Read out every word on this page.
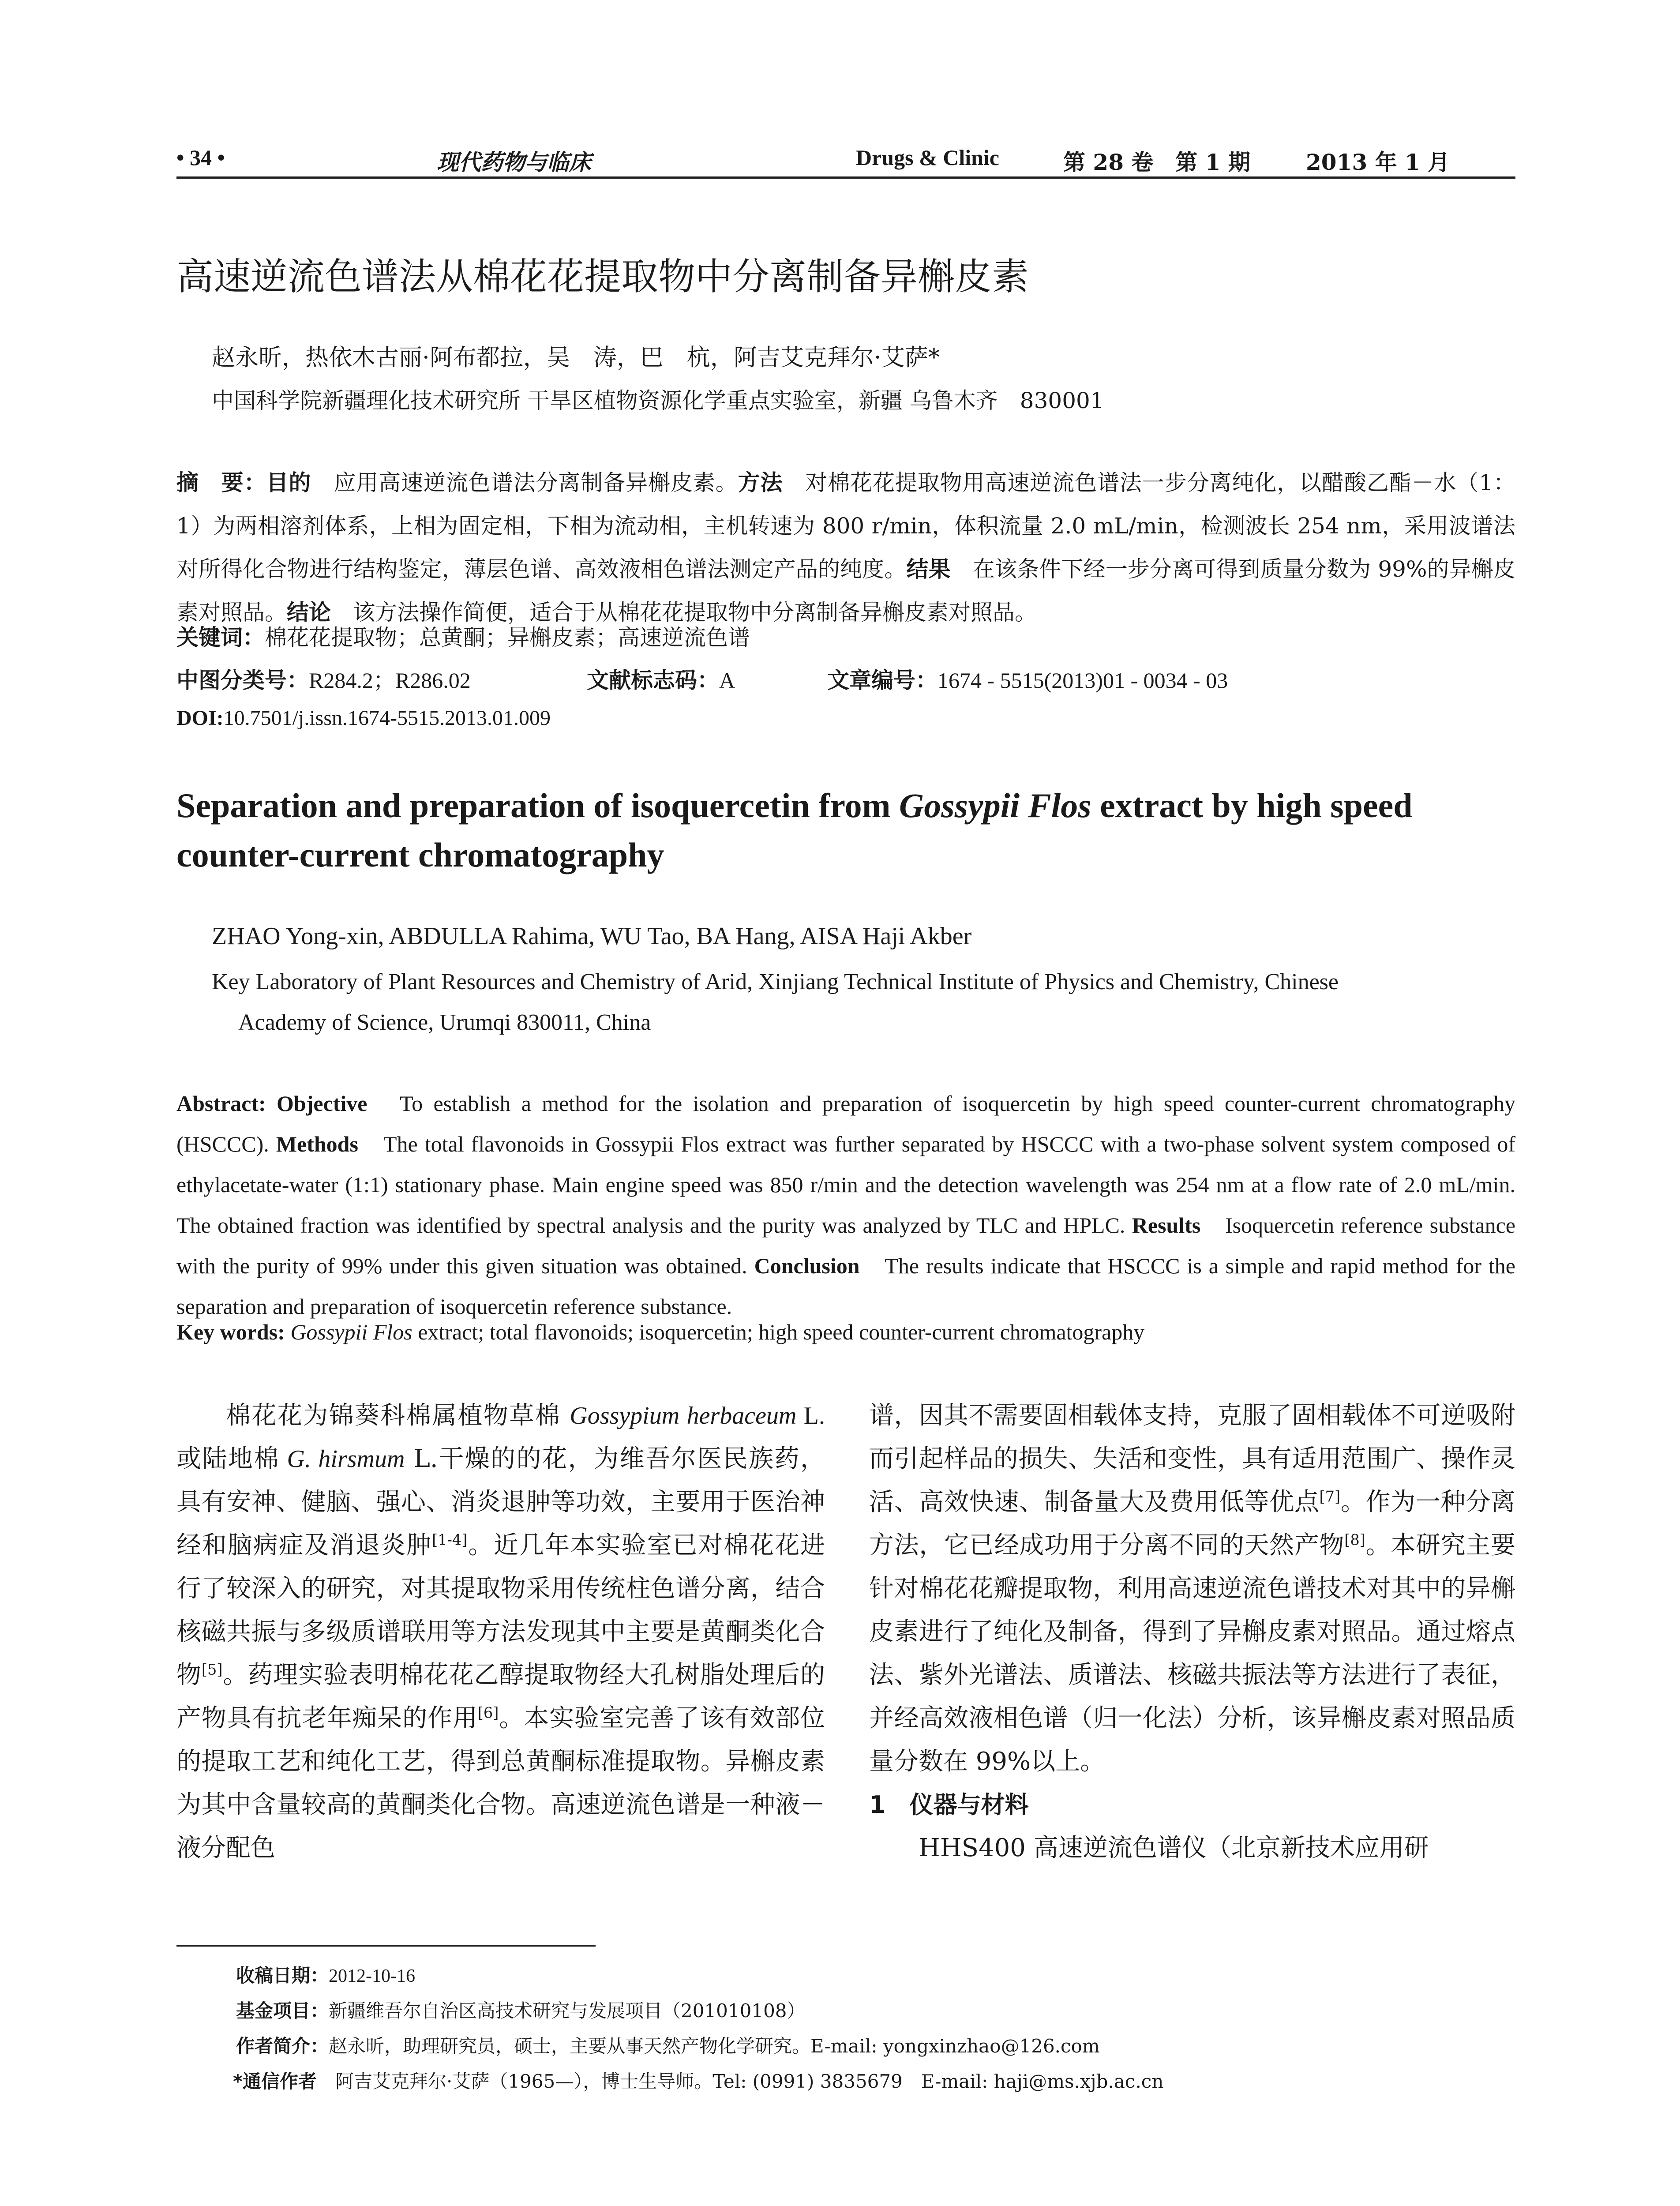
• 34 •	现代药物与临床	Drugs & Clinic	第 28 卷　第 1 期	2013 年 1 月
高速逆流色谱法从棉花花提取物中分离制备异槲皮素
赵永昕，热依木古丽·阿布都拉，吴　涛，巴　杭，阿吉艾克拜尔·艾萨*
中国科学院新疆理化技术研究所 干旱区植物资源化学重点实验室，新疆 乌鲁木齐　830001
摘　要：目的　应用高速逆流色谱法分离制备异槲皮素。方法　对棉花花提取物用高速逆流色谱法一步分离纯化，以醋酸乙酯－水（1：1）为两相溶剂体系，上相为固定相，下相为流动相，主机转速为 800 r/min，体积流量 2.0 mL/min，检测波长 254 nm，采用波谱法对所得化合物进行结构鉴定，薄层色谱、高效液相色谱法测定产品的纯度。结果　在该条件下经一步分离可得到质量分数为 99%的异槲皮素对照品。结论　该方法操作简便，适合于从棉花花提取物中分离制备异槲皮素对照品。
关键词：棉花花提取物；总黄酮；异槲皮素；高速逆流色谱
中图分类号：R284.2；R286.02	文献标志码：A	文章编号：1674 - 5515(2013)01 - 0034 - 03
DOI:10.7501/j.issn.1674-5515.2013.01.009
Separation and preparation of isoquercetin from Gossypii Flos extract by high speed counter-current chromatography
ZHAO Yong-xin, ABDULLA Rahima, WU Tao, BA Hang, AISA Haji Akber
Key Laboratory of Plant Resources and Chemistry of Arid, Xinjiang Technical Institute of Physics and Chemistry, Chinese
Academy of Science, Urumqi 830011, China
Abstract: Objective　To establish a method for the isolation and preparation of isoquercetin by high speed counter-current chromatography (HSCCC). Methods　The total flavonoids in Gossypii Flos extract was further separated by HSCCC with a two-phase solvent system composed of ethylacetate-water (1:1) stationary phase. Main engine speed was 850 r/min and the detection wavelength was 254 nm at a flow rate of 2.0 mL/min. The obtained fraction was identified by spectral analysis and the purity was analyzed by TLC and HPLC. Results　Isoquercetin reference substance with the purity of 99% under this given situation was obtained. Conclusion　The results indicate that HSCCC is a simple and rapid method for the separation and preparation of isoquercetin reference substance.
Key words: Gossypii Flos extract; total flavonoids; isoquercetin; high speed counter-current chromatography
棉花花为锦葵科棉属植物草棉 Gossypium herbaceum L. 或陆地棉 G. hirsmum L.干燥的的花，为维吾尔医民族药，具有安神、健脑、强心、消炎退肿等功效，主要用于医治神经和脑病症及消退炎肿[1-4]。近几年本实验室已对棉花花进行了较深入的研究，对其提取物采用传统柱色谱分离，结合核磁共振与多级质谱联用等方法发现其中主要是黄酮类化合物[5]。药理实验表明棉花花乙醇提取物经大孔树脂处理后的产物具有抗老年痴呆的作用[6]。本实验室完善了该有效部位的提取工艺和纯化工艺，得到总黄酮标准提取物。异槲皮素为其中含量较高的黄酮类化合物。高速逆流色谱是一种液－液分配色
谱，因其不需要固相载体支持，克服了固相载体不可逆吸附而引起样品的损失、失活和变性，具有适用范围广、操作灵活、高效快速、制备量大及费用低等优点[7]。作为一种分离方法，它已经成功用于分离不同的天然产物[8]。本研究主要针对棉花花瓣提取物，利用高速逆流色谱技术对其中的异槲皮素进行了纯化及制备，得到了异槲皮素对照品。通过熔点法、紫外光谱法、质谱法、核磁共振法等方法进行了表征，并经高效液相色谱（归一化法）分析，该异槲皮素对照品质量分数在 99%以上。
1　仪器与材料
HHS400 高速逆流色谱仪（北京新技术应用研
收稿日期：2012-10-16
基金项目：新疆维吾尔自治区高技术研究与发展项目（201010108）
作者简介：赵永昕，助理研究员，硕士，主要从事天然产物化学研究。E-mail: yongxinzhao@126.com
*通信作者　阿吉艾克拜尔·艾萨（1965—），博士生导师。Tel: (0991) 3835679　E-mail: haji@ms.xjb.ac.cn
